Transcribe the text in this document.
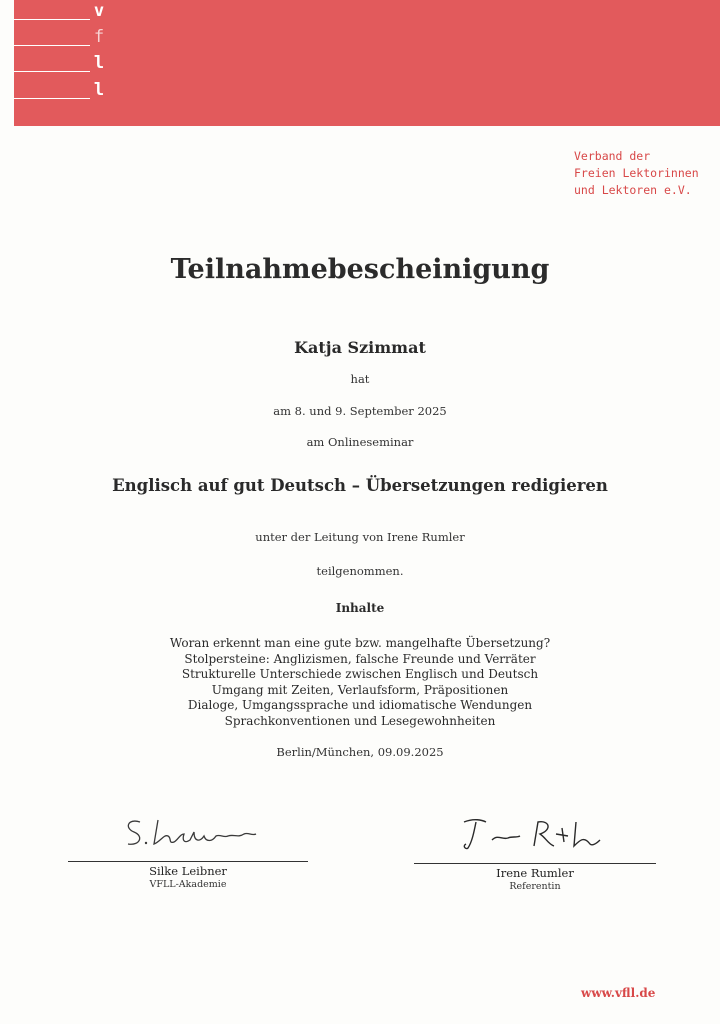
v
f
l
l
Verband der
Freien Lektorinnen
und Lektoren e.V.
Teilnahmebescheinigung
Katja Szimmat
hat
am 8. und 9. September 2025
am Onlineseminar
Englisch auf gut Deutsch – Übersetzungen redigieren
unter der Leitung von Irene Rumler
teilgenommen.
Inhalte
Woran erkennt man eine gute bzw. mangelhafte Übersetzung?
Stolpersteine: Anglizismen, falsche Freunde und Verräter
Strukturelle Unterschiede zwischen Englisch und Deutsch
Umgang mit Zeiten, Verlaufsform, Präpositionen
Dialoge, Umgangssprache und idiomatische Wendungen
Sprachkonventionen und Lesegewohnheiten
Berlin/München, 09.09.2025
Silke Leibner
VFLL-Akademie
Irene Rumler
Referentin
www.vfll.de
